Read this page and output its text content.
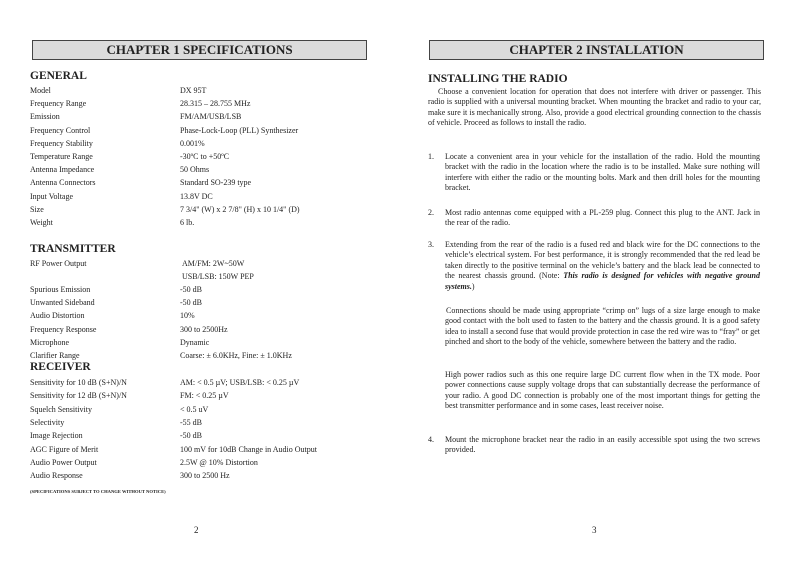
CHAPTER 1 SPECIFICATIONS
GENERAL
Model	DX 95T
Frequency Range	28.315 – 28.755 MHz
Emission	FM/AM/USB/LSB
Frequency Control	Phase-Lock-Loop (PLL) Synthesizer
Frequency Stability	0.001%
Temperature Range	-30ºC to +50ºC
Antenna Impedance	50 Ohms
Antenna Connectors	Standard SO-239 type
Input Voltage	13.8V DC
Size	7 3/4" (W) x 2 7/8" (H) x 10 1/4" (D)
Weight	6 lb.
TRANSMITTER
RF Power Output	AM/FM: 2W~50W
USB/LSB: 150W PEP
Spurious Emission	-50 dB
Unwanted Sideband	-50 dB
Audio Distortion	10%
Frequency Response	300 to 2500Hz
Microphone	Dynamic
Clarifier Range	Coarse: ± 6.0KHz, Fine: ± 1.0KHz
RECEIVER
Sensitivity for 10 dB (S+N)/N	AM: < 0.5 µV; USB/LSB: < 0.25 µV
Sensitivity for 12 dB (S+N)/N	FM: < 0.25 µV
Squelch Sensitivity	< 0.5 uV
Selectivity	-55 dB
Image Rejection	-50 dB
AGC Figure of Merit	100 mV for 10dB Change in Audio Output
Audio Power Output	2.5W @ 10% Distortion
Audio Response	300 to 2500 Hz
(SPECIFICATIONS SUBJECT TO CHANGE WITHOUT NOTICE)
2
CHAPTER 2 INSTALLATION
INSTALLING THE RADIO

Choose a convenient location for operation that does not interfere with driver or passenger. This radio is supplied with a universal mounting bracket. When mounting the bracket and radio to your car, make sure it is mechanically strong. Also, provide a good electrical grounding connection to the chassis of vehicle. Proceed as follows to install the radio.

1. Locate a convenient area in your vehicle for the installation of the radio. Hold the mounting bracket with the radio in the location where the radio is to be installed. Make sure nothing will interfere with either the radio or the mounting bolts. Mark and then drill holes for the mounting bracket.

2. Most radio antennas come equipped with a PL-259 plug. Connect this plug to the ANT. Jack in the rear of the radio.

3. Extending from the rear of the radio is a fused red and black wire for the DC connections to the vehicle’s electrical system. For best performance, it is strongly recommended that the red lead be taken directly to the positive terminal on the vehicle’s battery and the black lead be connected to the nearest chassis ground. (Note: This radio is designed for vehicles with negative ground systems.)

Connections should be made using appropriate “crimp on” lugs of a size large enough to make good contact with the bolt used to fasten to the battery and the chassis ground. It is a good safety idea to install a second fuse that would provide protection in case the red wire was to “fray” or get pinched and short to the body of the vehicle, somewhere between the battery and the radio.

High power radios such as this one require large DC current flow when in the TX mode. Poor power connections cause supply voltage drops that can substantially decrease the performance of your radio. A good DC connection is probably one of the most important things for getting the best transmitter performance and in some cases, least receiver noise.

4. Mount the microphone bracket near the radio in an easily accessible spot using the two screws provided.

3
